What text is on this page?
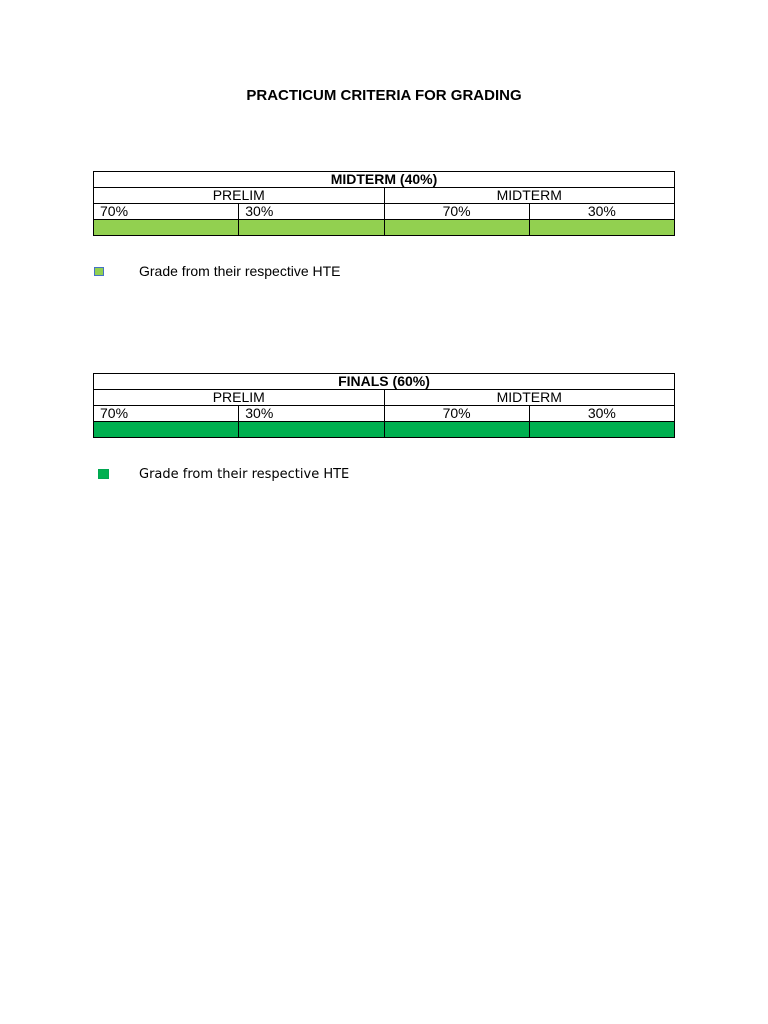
PRACTICUM CRITERIA FOR GRADING
MIDTERM (40%)			
PRELIM		MIDTERM	
70%	30%	70%	30%

Grade from their respective HTE
FINALS (60%)			
PRELIM		MIDTERM	
70%	30%	70%	30%

Grade from their respective HTE
